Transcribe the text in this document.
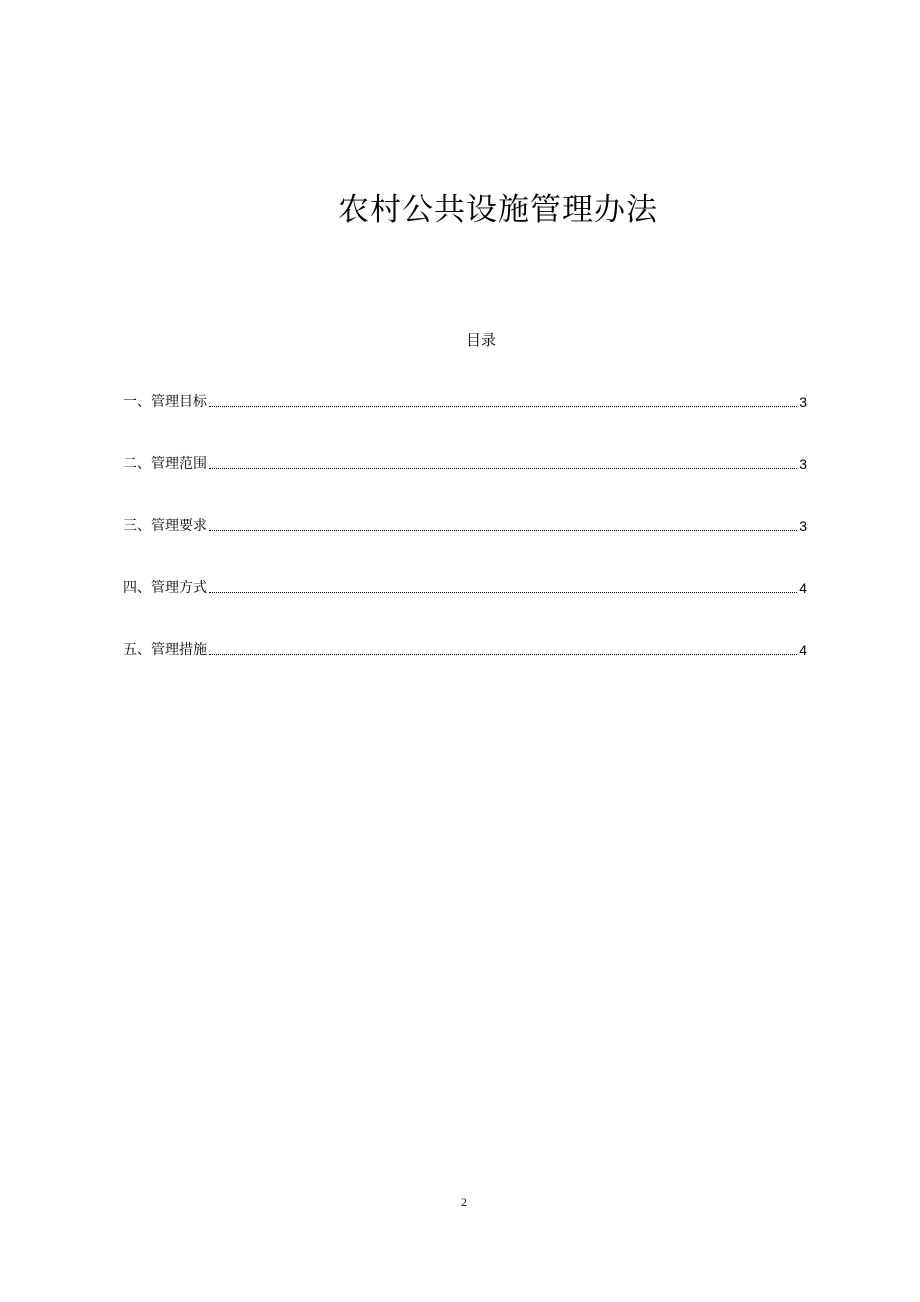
农村公共设施管理办法
目录
一、管理目标	3
二、管理范围	3
三、管理要求	3
四、管理方式	4
五、管理措施	4
2
